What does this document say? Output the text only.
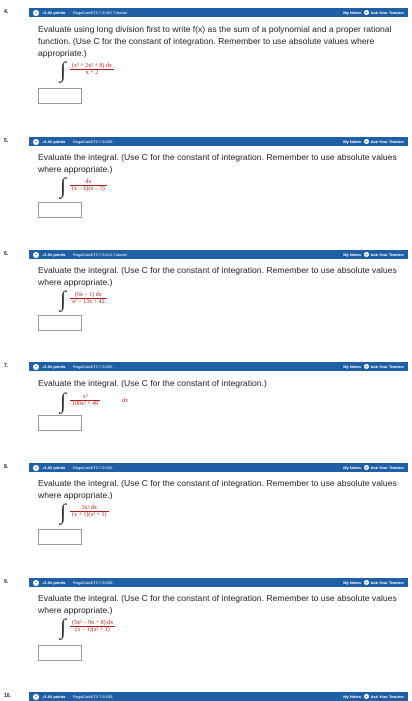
4.	−	-/1.92 points RogaCalcET3 7.5.007.Tutorial	My Notes + Ask Your Teacher
Evaluate using long division first to write f(x) as the sum of a polynomial and a proper rational function. (Use C for the constant of integration. Remember to use absolute values where appropriate.)
∫ $\frac{\text{(x³ + 2x² + 8) dx}}{x + 2}$
5.	−	-/1.92 points RogaCalcET3 7.5.009.	My Notes + Ask Your Teacher
Evaluate the integral. (Use C for the constant of integration. Remember to use absolute values where appropriate.)
∫ $\frac{dx}{(x - 6)(x - 3)}$
6.	−	-/1.92 points RogaCalcET3 7.5.012.Tutorial	My Notes + Ask Your Teacher
Evaluate the integral. (Use C for the constant of integration. Remember to use absolute values where appropriate.)
∫ $\frac{(6x - 1) dx}{\text{x² − 13x + 42}}$
7.	−	-/1.92 points RogaCalcET3 7.5.022.	My Notes + Ask Your Teacher
Evaluate the integral. (Use C for the constant of integration.)
∫ $\frac{\text{x²}}{\text{100x² + 49}}$	dx
8.	−	-/1.92 points RogaCalcET3 7.5.034.	My Notes + Ask Your Teacher
Evaluate the integral. (Use C for the constant of integration. Remember to use absolute values where appropriate.)
∫ $\frac{\text{3x² dx}}{\text{(x + 1)(x² + 1)}}$
9.	−	-/1.92 points RogaCalcET3 7.5.033.	My Notes + Ask Your Teacher
Evaluate the integral. (Use C for the constant of integration. Remember to use absolute values where appropriate.)
∫ $\frac{\text{(5x² − 9x + 8) dx}}{\text{(x − 1)(x² + 1)}}$
10.	−	-/1.92 points RogaCalcET3 7.5.035.	My Notes + Ask Your Teacher
